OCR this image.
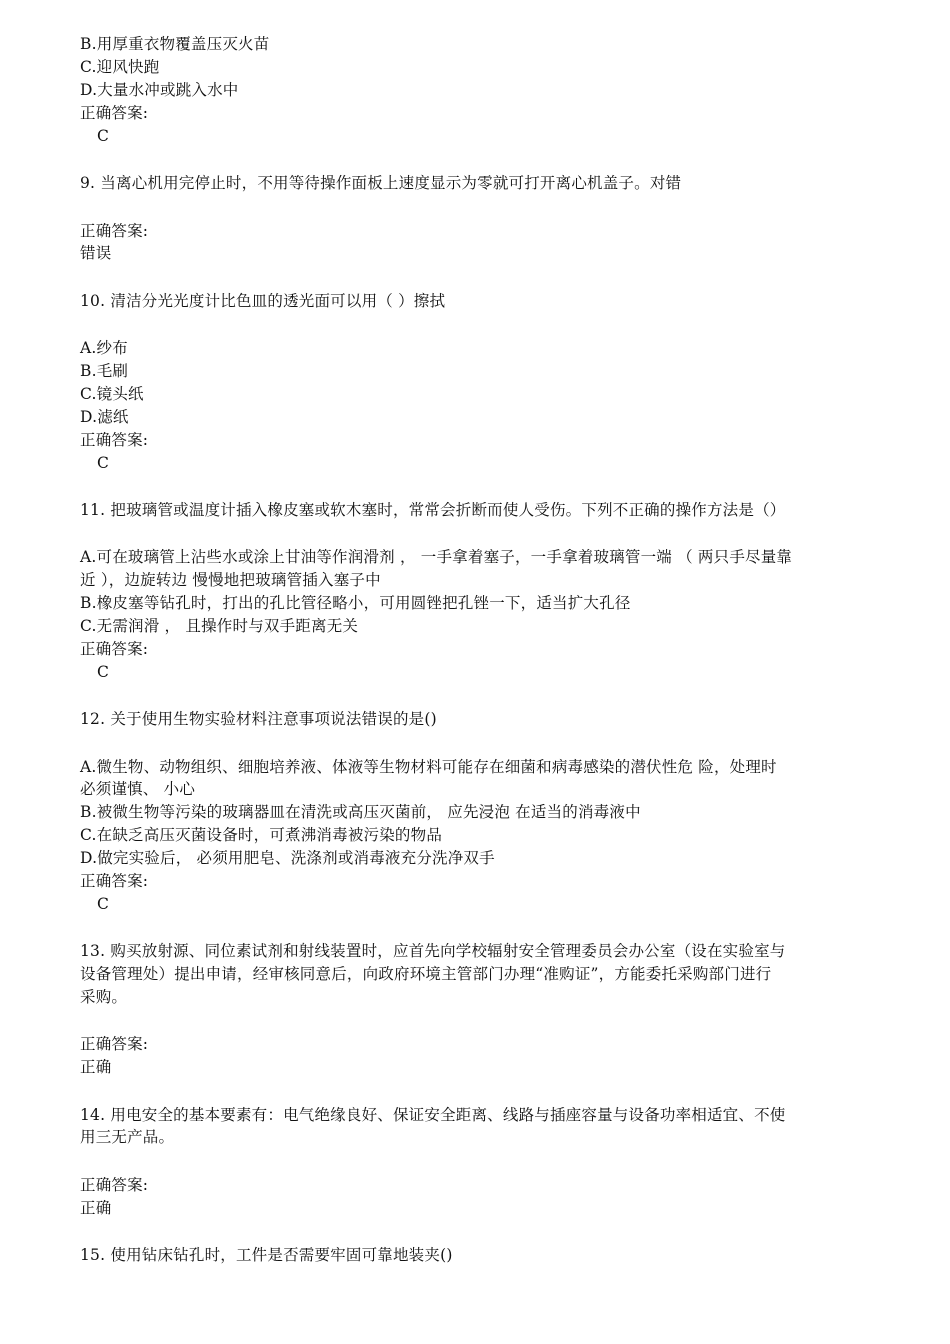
B.用厚重衣物覆盖压灭火苗
C.迎风快跑
D.大量水冲或跳入水中
正确答案:
C
9. 当离心机用完停止时，不用等待操作面板上速度显示为零就可打开离心机盖子。对错
正确答案:
错误
10. 清洁分光光度计比色皿的透光面可以用（ ）擦拭
A.纱布
B.毛刷
C.镜头纸
D.滤纸
正确答案:
C
11. 把玻璃管或温度计插入橡皮塞或软木塞时，常常会折断而使人受伤。下列不正确的操作方法是（）
A.可在玻璃管上沾些水或涂上甘油等作润滑剂 ， 一手拿着塞子，一手拿着玻璃管一端 （ 两只手尽量靠
近 ），边旋转边 慢慢地把玻璃管插入塞子中
B.橡皮塞等钻孔时，打出的孔比管径略小，可用圆锉把孔锉一下，适当扩大孔径
C.无需润滑 ， 且操作时与双手距离无关
正确答案:
C
12. 关于使用生物实验材料注意事项说法错误的是()
A.微生物、动物组织、细胞培养液、体液等生物材料可能存在细菌和病毒感染的潜伏性危 险，处理时
必须谨慎、 小心
B.被微生物等污染的玻璃器皿在清洗或高压灭菌前， 应先浸泡 在适当的消毒液中
C.在缺乏高压灭菌设备时，可煮沸消毒被污染的物品
D.做完实验后， 必须用肥皂、洗涤剂或消毒液充分洗净双手
正确答案:
C
13. 购买放射源、同位素试剂和射线装置时，应首先向学校辐射安全管理委员会办公室（设在实验室与
设备管理处）提出申请，经审核同意后，向政府环境主管部门办理“准购证”，方能委托采购部门进行
采购。
正确答案:
正确
14. 用电安全的基本要素有：电气绝缘良好、保证安全距离、线路与插座容量与设备功率相适宜、不使
用三无产品。
正确答案:
正确
15. 使用钻床钻孔时，工件是否需要牢固可靠地装夹()
